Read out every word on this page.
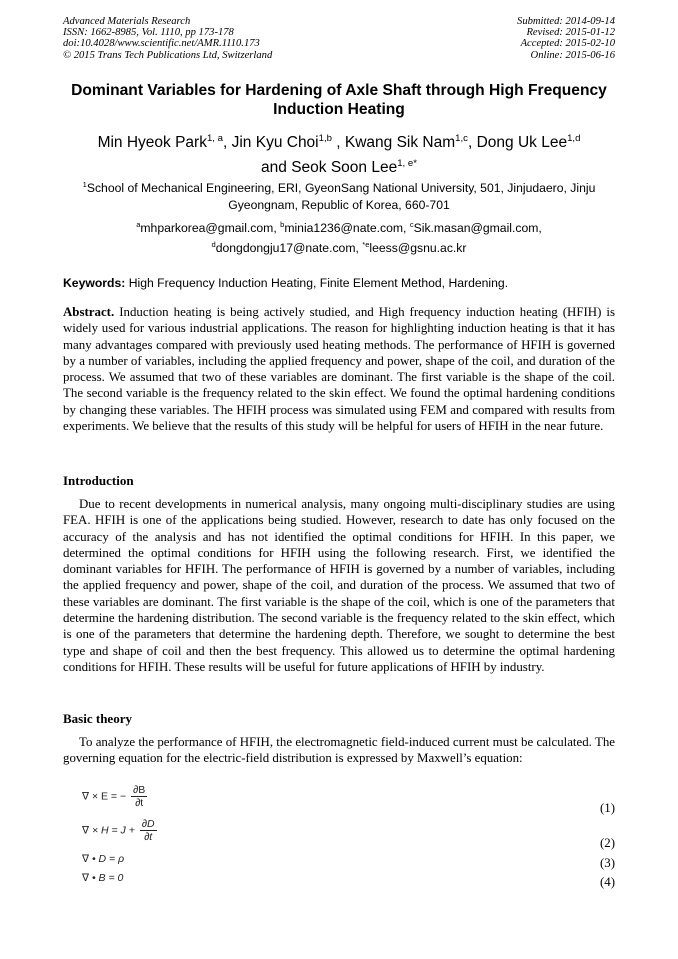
Advanced Materials Research
ISSN: 1662-8985, Vol. 1110, pp 173-178
doi:10.4028/www.scientific.net/AMR.1110.173
© 2015 Trans Tech Publications Ltd, Switzerland
Submitted: 2014-09-14
Revised: 2015-01-12
Accepted: 2015-02-10
Online: 2015-06-16
Dominant Variables for Hardening of Axle Shaft through High Frequency Induction Heating
Min Hyeok Park$^{1, a}$, Jin Kyu Choi$^{1,b}$ , Kwang Sik Nam$^{1,c}$, Dong Uk Lee$^{1,d}$
and Seok Soon Lee$^{1, e*}$
$^1$School of Mechanical Engineering, ERI, GyeonSang National University, 501, Jinjudaero, Jinju Gyeongnam, Republic of Korea, 660-701
$^a$mhparkorea@gmail.com, $^b$minia1236@nate.com, $^c$Sik.masan@gmail.com,
$^d$dongdongju17@nate.com, $^{*e}$leess@gsnu.ac.kr
Keywords: High Frequency Induction Heating, Finite Element Method, Hardening.
Abstract. Induction heating is being actively studied, and High frequency induction heating (HFIH) is widely used for various industrial applications. The reason for highlighting induction heating is that it has many advantages compared with previously used heating methods. The performance of HFIH is governed by a number of variables, including the applied frequency and power, shape of the coil, and duration of the process. We assumed that two of these variables are dominant. The first variable is the shape of the coil. The second variable is the frequency related to the skin effect. We found the optimal hardening conditions by changing these variables. The HFIH process was simulated using FEM and compared with results from experiments. We believe that the results of this study will be helpful for users of HFIH in the near future.
Introduction
Due to recent developments in numerical analysis, many ongoing multi-disciplinary studies are using FEA. HFIH is one of the applications being studied. However, research to date has only focused on the accuracy of the analysis and has not identified the optimal conditions for HFIH. In this paper, we determined the optimal conditions for HFIH using the following research. First, we identified the dominant variables for HFIH. The performance of HFIH is governed by a number of variables, including the applied frequency and power, shape of the coil, and duration of the process. We assumed that two of these variables are dominant. The first variable is the shape of the coil, which is one of the parameters that determine the hardening distribution. The second variable is the frequency related to the skin effect, which is one of the parameters that determine the hardening depth. Therefore, we sought to determine the best type and shape of coil and then the best frequency. This allowed us to determine the optimal hardening conditions for HFIH. These results will be useful for future applications of HFIH by industry.
Basic theory
To analyze the performance of HFIH, the electromagnetic field-induced current must be calculated. The governing equation for the electric-field distribution is expressed by Maxwell’s equation:
∇ × E = − $\frac{\partial B}{\partial t}$	(1)
∇ × $H = J + \frac{\partial D}{\partial t}$	(2)
∇ • D = ρ	(3)
∇ • B = 0	(4)
